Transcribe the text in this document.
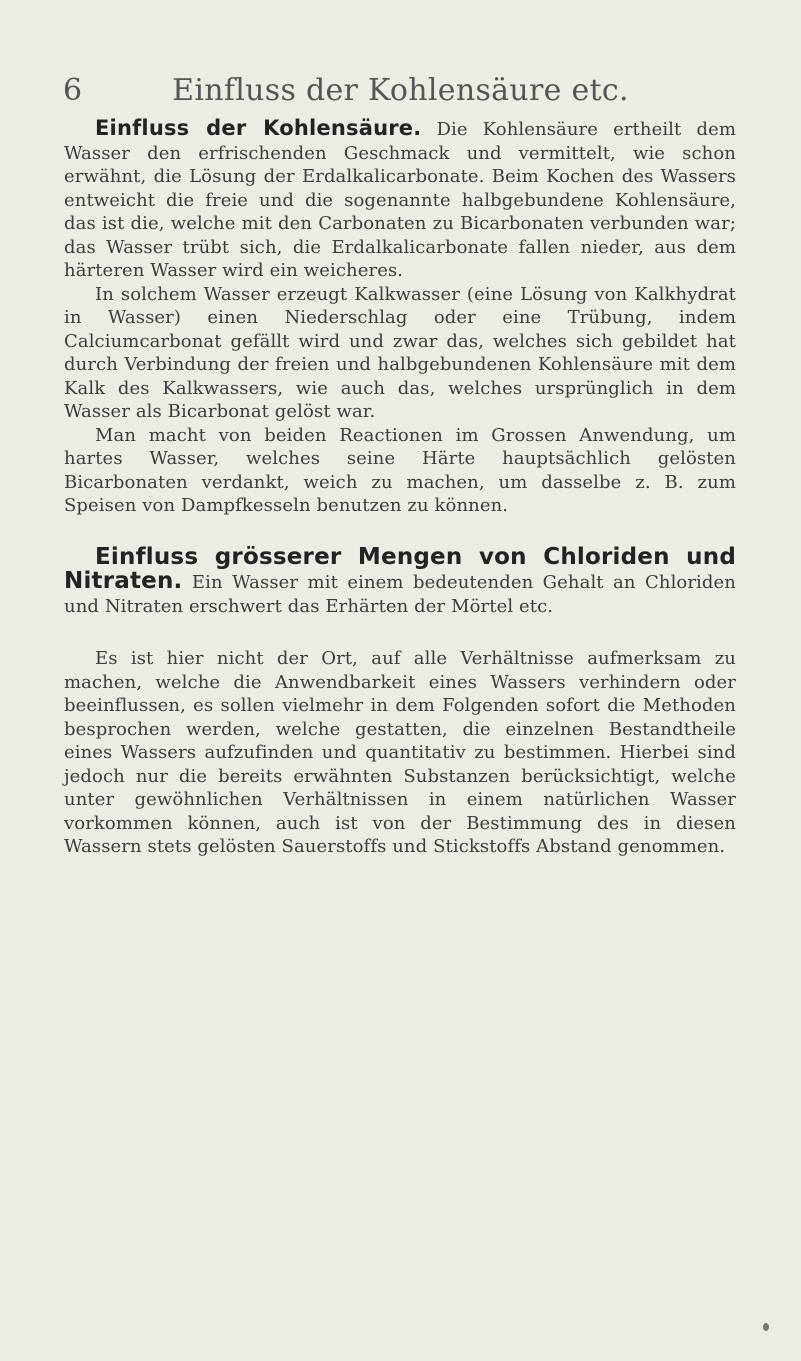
6	Einfluss der Kohlensäure etc.

Einfluss der Kohlensäure. Die Kohlensäure ertheilt dem Wasser den erfrischenden Geschmack und vermittelt, wie schon erwähnt, die Lösung der Erdalkalicarbonate. Beim Kochen des Wassers entweicht die freie und die sogenannte halbgebundene Kohlensäure, das ist die, welche mit den Carbonaten zu Bicarbonaten verbunden war; das Wasser trübt sich, die Erdalkalicarbonate fallen nieder, aus dem härteren Wasser wird ein weicheres.

In solchem Wasser erzeugt Kalkwasser (eine Lösung von Kalkhydrat in Wasser) einen Niederschlag oder eine Trübung, indem Calciumcarbonat gefällt wird und zwar das, welches sich gebildet hat durch Verbindung der freien und halbgebundenen Kohlensäure mit dem Kalk des Kalkwassers, wie auch das, welches ursprünglich in dem Wasser als Bicarbonat gelöst war.

Man macht von beiden Reactionen im Grossen Anwendung, um hartes Wasser, welches seine Härte hauptsächlich gelösten Bicarbonaten verdankt, weich zu machen, um dasselbe z. B. zum Speisen von Dampfkesseln benutzen zu können.

Einfluss grösserer Mengen von Chloriden und Nitraten. Ein Wasser mit einem bedeutenden Gehalt an Chloriden und Nitraten erschwert das Erhärten der Mörtel etc.

Es ist hier nicht der Ort, auf alle Verhältnisse aufmerksam zu machen, welche die Anwendbarkeit eines Wassers verhindern oder beeinflussen, es sollen vielmehr in dem Folgenden sofort die Methoden besprochen werden, welche gestatten, die einzelnen Bestandtheile eines Wassers aufzufinden und quantitativ zu bestimmen. Hierbei sind jedoch nur die bereits erwähnten Substanzen berücksichtigt, welche unter gewöhnlichen Verhältnissen in einem natürlichen Wasser vorkommen können, auch ist von der Bestimmung des in diesen Wassern stets gelösten Sauerstoffs und Stickstoffs Abstand genommen.
